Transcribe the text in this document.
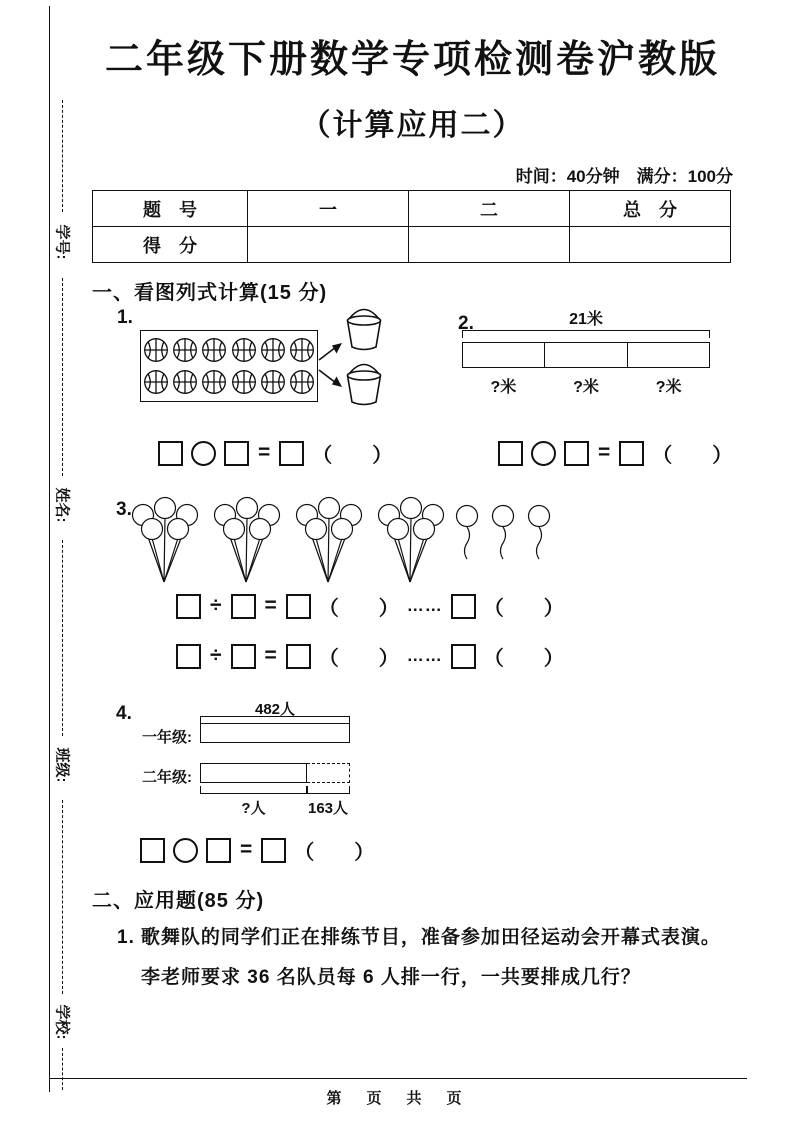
学号:
姓名:
班级:
学校:
二年级下册数学专项检测卷沪教版
（计算应用二）
时间：40分钟　满分：100分
题　号	一	二	总　分
得　分			
一、看图列式计算(15 分)
1.
= （　　）
2.	21米
?米	?米	?米
= （　　）
3.
÷ = （　　） …… （　　）
÷ = （　　） …… （　　）
4.	482人
一年级:
二年级:
?人	163人
= （　　）
二、应用题(85 分)
1. 歌舞队的同学们正在排练节目，准备参加田径运动会开幕式表演。
李老师要求 36 名队员每 6 人排一行，一共要排成几行？
第　页　共　页
